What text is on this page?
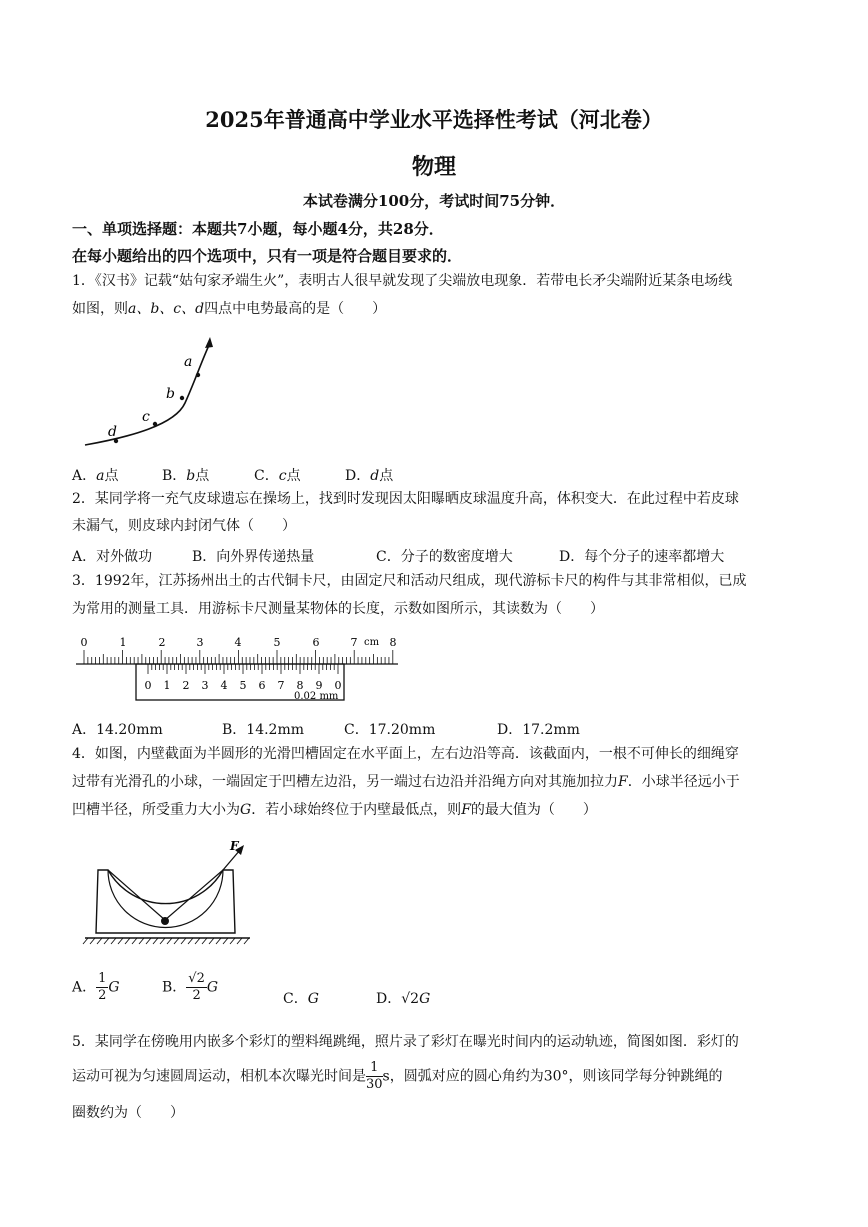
2025年普通高中学业水平选择性考试（河北卷）
物理
本试卷满分100分，考试时间75分钟．
一、单项选择题：本题共7小题，每小题4分，共28分．
在每小题给出的四个选项中，只有一项是符合题目要求的．
1．《汉书》记载“姑句家矛端生火”，表明古人很早就发现了尖端放电现象．若带电长矛尖端附近某条电场线
如图，则a、b、c、d四点中电势最高的是（　　）
a
b
c
d
A．a点	B．b点	C．c点	D．d点
2．某同学将一充气皮球遗忘在操场上，找到时发现因太阳曝晒皮球温度升高，体积变大．在此过程中若皮球
未漏气，则皮球内封闭气体（　　）
A．对外做功	B．向外界传递热量	C．分子的数密度增大	D．每个分子的速率都增大
3．1992年，江苏扬州出土的古代铜卡尺，由固定尺和活动尺组成，现代游标卡尺的构件与其非常相似，已成
为常用的测量工具．用游标卡尺测量某物体的长度，示数如图所示，其读数为（　　）
0	1	2	3	4	5	6	7	8
cm
0 1 2 3 4 5 6 7 8 9 0
0.02 mm
A．14.20mm	B．14.2mm	C．17.20mm	D．17.2mm
4．如图，内壁截面为半圆形的光滑凹槽固定在水平面上，左右边沿等高．该截面内，一根不可伸长的细绳穿
过带有光滑孔的小球，一端固定于凹槽左边沿，另一端过右边沿并沿绳方向对其施加拉力F．小球半径远小于
凹槽半径，所受重力大小为G．若小球始终位于内壁最低点，则F的最大值为（　　）
F
A． $\frac{1}{2}$ G	B． $\frac{√2}{2}$ G
C．G	D．√2G
5．某同学在傍晚用内嵌多个彩灯的塑料绳跳绳，照片录了彩灯在曝光时间内的运动轨迹，简图如图．彩灯的
运动可视为匀速圆周运动，相机本次曝光时间是 $\frac{1}{30}$ s，圆弧对应的圆心角约为30°，则该同学每分钟跳绳的
圈数约为（　　）
